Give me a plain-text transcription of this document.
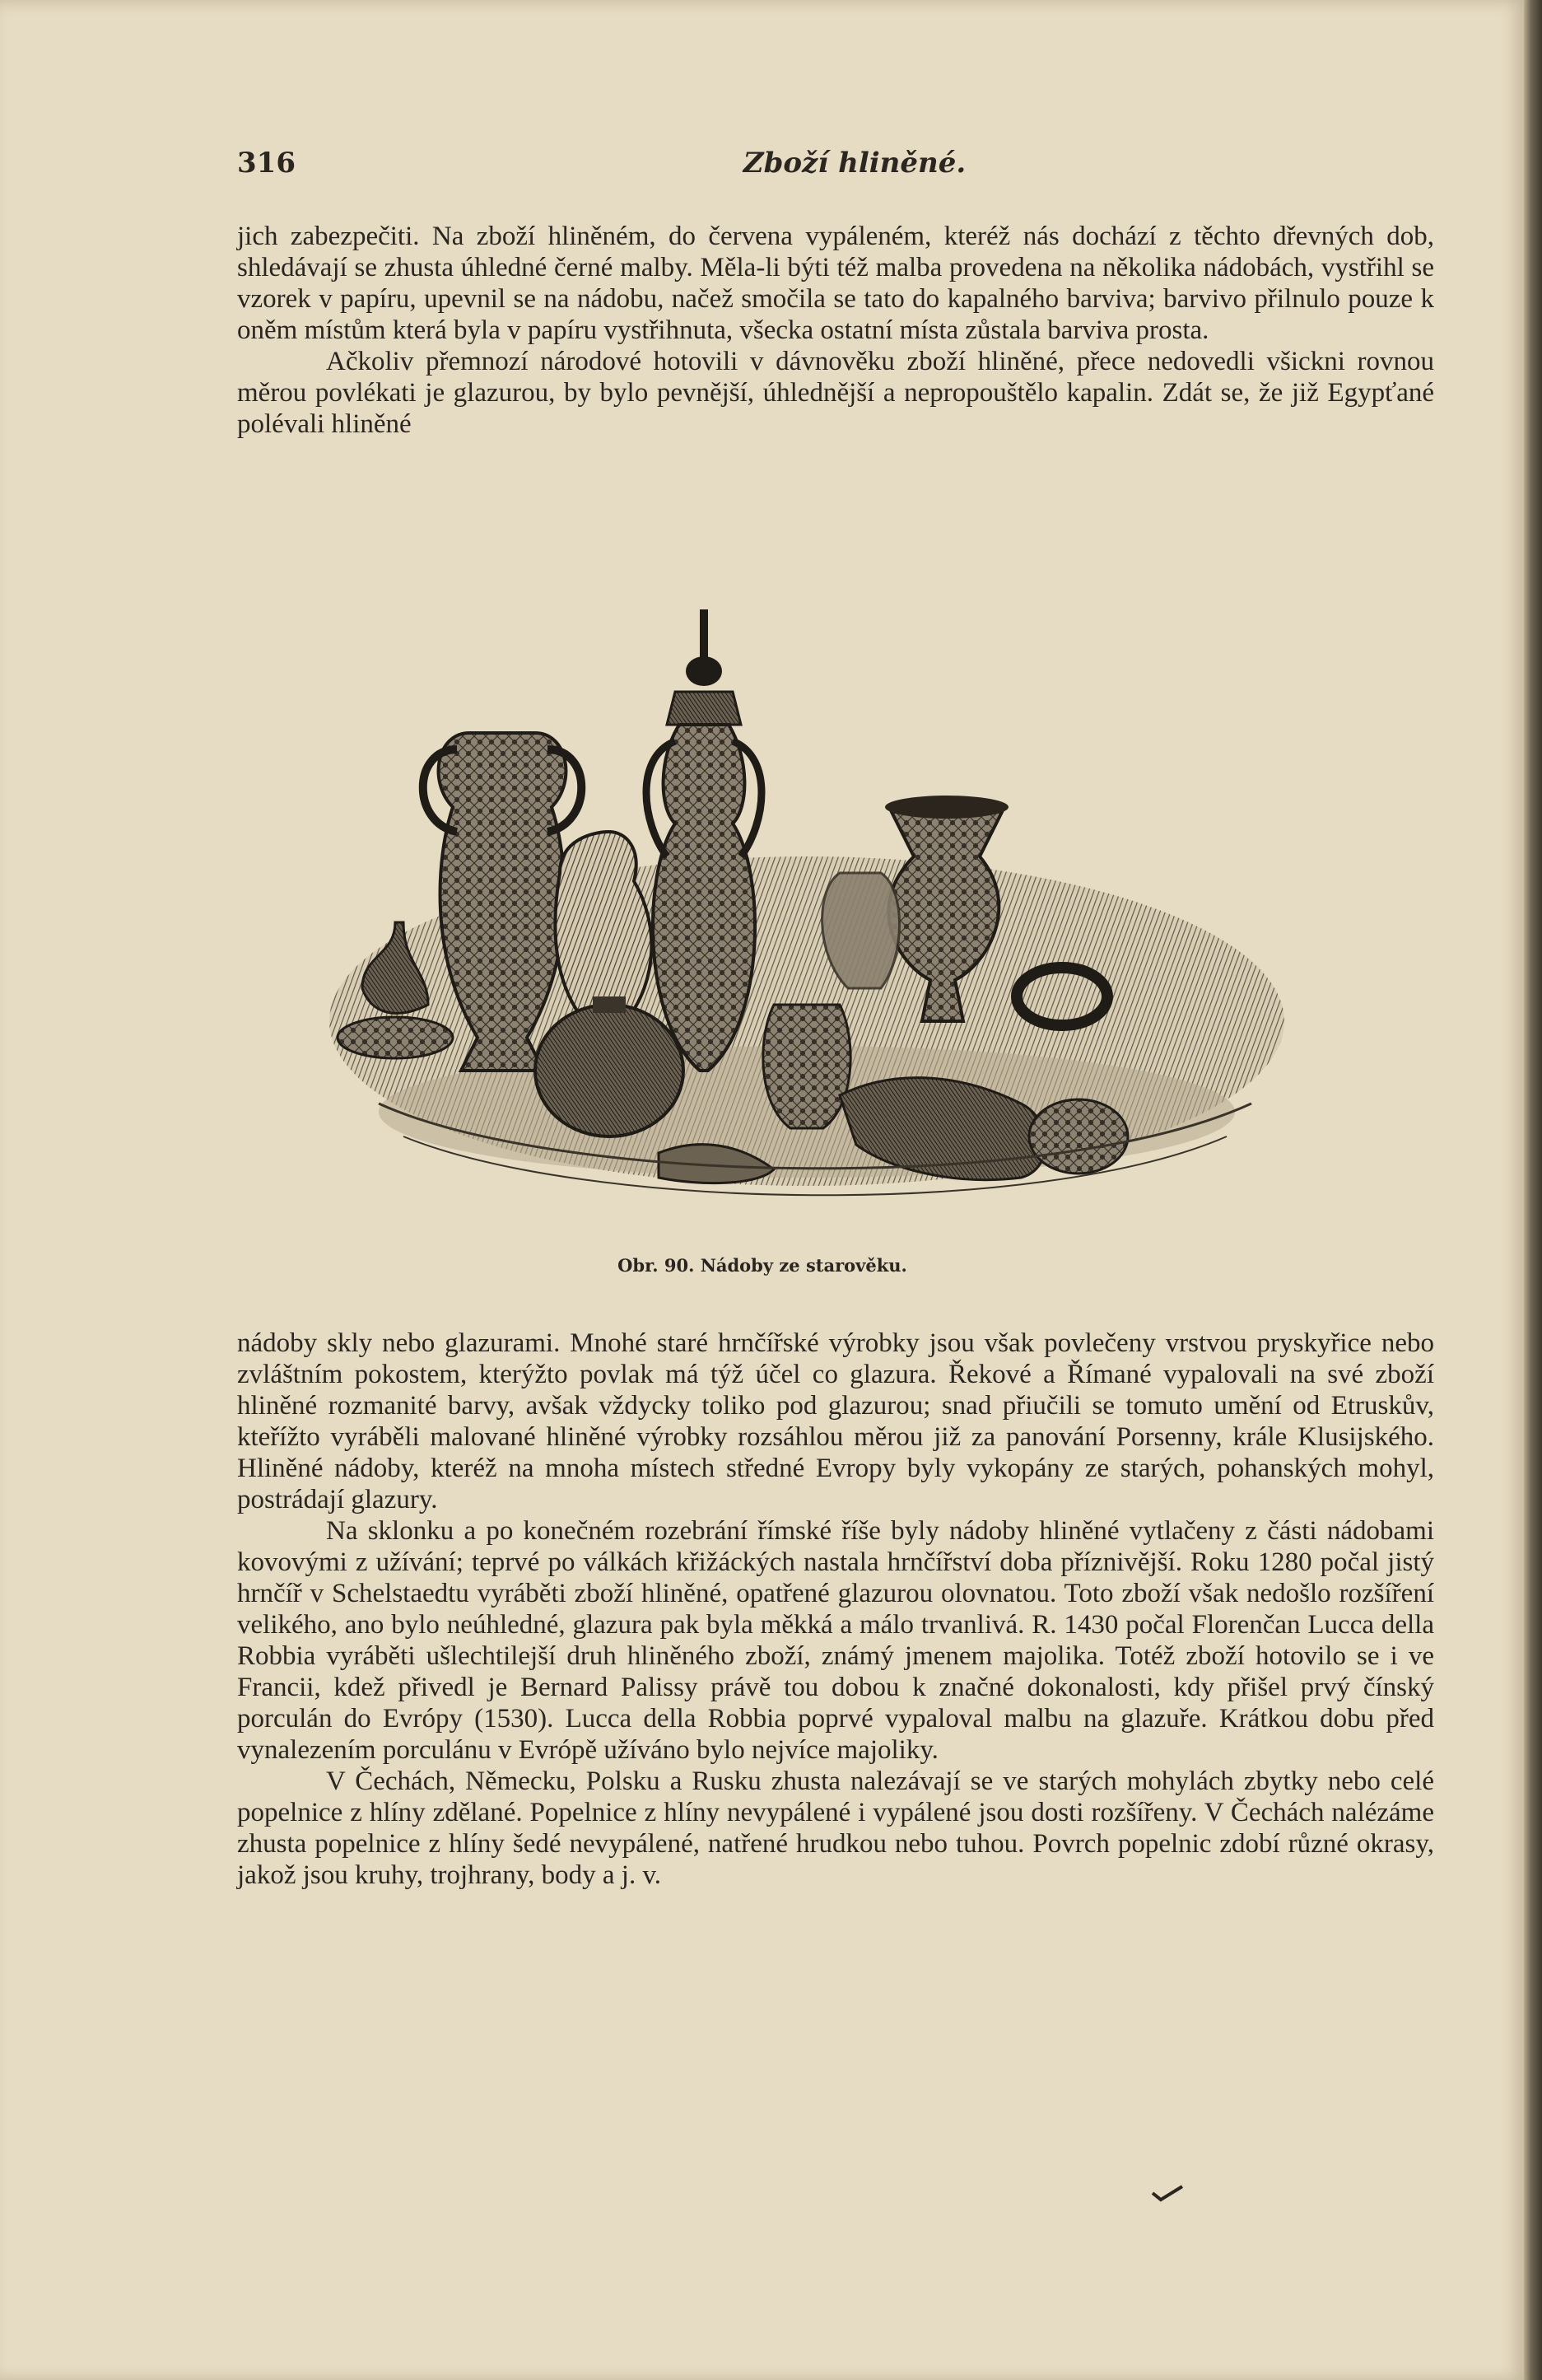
316	Zboží hliněné.

jich zabezpečiti. Na zboží hliněném, do červena vypáleném, kteréž nás dochází z těchto dřevných dob, shledávají se zhusta úhledné černé malby. Měla-li býti též malba provedena na několika nádobách, vystřihl se vzorek v papíru, upevnil se na nádobu, načež smočila se tato do kapalného barviva; barvivo přilnulo pouze k oněm místům která byla v papíru vystřihnuta, všecka ostatní místa zůstala barviva prosta.

Ačkoliv přemnozí národové hotovili v dávnověku zboží hliněné, přece nedovedli všickni rovnou měrou povlékati je glazurou, by bylo pevnější, úhlednější a nepropouštělo kapalin. Zdát se, že již Egypťané polévali hliněné

Obr. 90. Nádoby ze starověku.

nádoby skly nebo glazurami. Mnohé staré hrnčířské výrobky jsou však povlečeny vrstvou pryskyřice nebo zvláštním pokostem, kterýžto povlak má týž účel co glazura. Řekové a Římané vypalovali na své zboží hliněné rozmanité barvy, avšak vždycky toliko pod glazurou; snad přiučili se tomuto umění od Etruskův, kteřížto vyráběli malované hliněné výrobky rozsáhlou měrou již za panování Porsenny, krále Klusijského. Hliněné nádoby, kteréž na mnoha místech středné Evropy byly vykopány ze starých, pohanských mohyl, postrádají glazury.

Na sklonku a po konečném rozebrání římské říše byly nádoby hliněné vytlačeny z části nádobami kovovými z užívání; teprvé po válkách křižáckých nastala hrnčířství doba příznivější. Roku 1280 počal jistý hrnčíř v Schelstaedtu vyráběti zboží hliněné, opatřené glazurou olovnatou. Toto zboží však nedošlo rozšíření velikého, ano bylo neúhledné, glazura pak byla měkká a málo trvanlivá. R. 1430 počal Florenčan Lucca della Robbia vyráběti ušlechtilejší druh hliněného zboží, známý jmenem majolika. Totéž zboží hotovilo se i ve Francii, kdež přivedl je Bernard Palissy právě tou dobou k značné dokonalosti, kdy přišel prvý čínský porculán do Evrópy (1530). Lucca della Robbia poprvé vypaloval malbu na glazuře. Krátkou dobu před vynalezením porculánu v Evrópě užíváno bylo nejvíce majoliky.

V Čechách, Německu, Polsku a Rusku zhusta nalezávají se ve starých mohylách zbytky nebo celé popelnice z hlíny zdělané. Popelnice z hlíny nevypálené i vypálené jsou dosti rozšířeny. V Čechách nalézáme zhusta popelnice z hlíny šedé nevypálené, natřené hrudkou nebo tuhou. Povrch popelnic zdobí různé okrasy, jakož jsou kruhy, trojhrany, body a j. v.
